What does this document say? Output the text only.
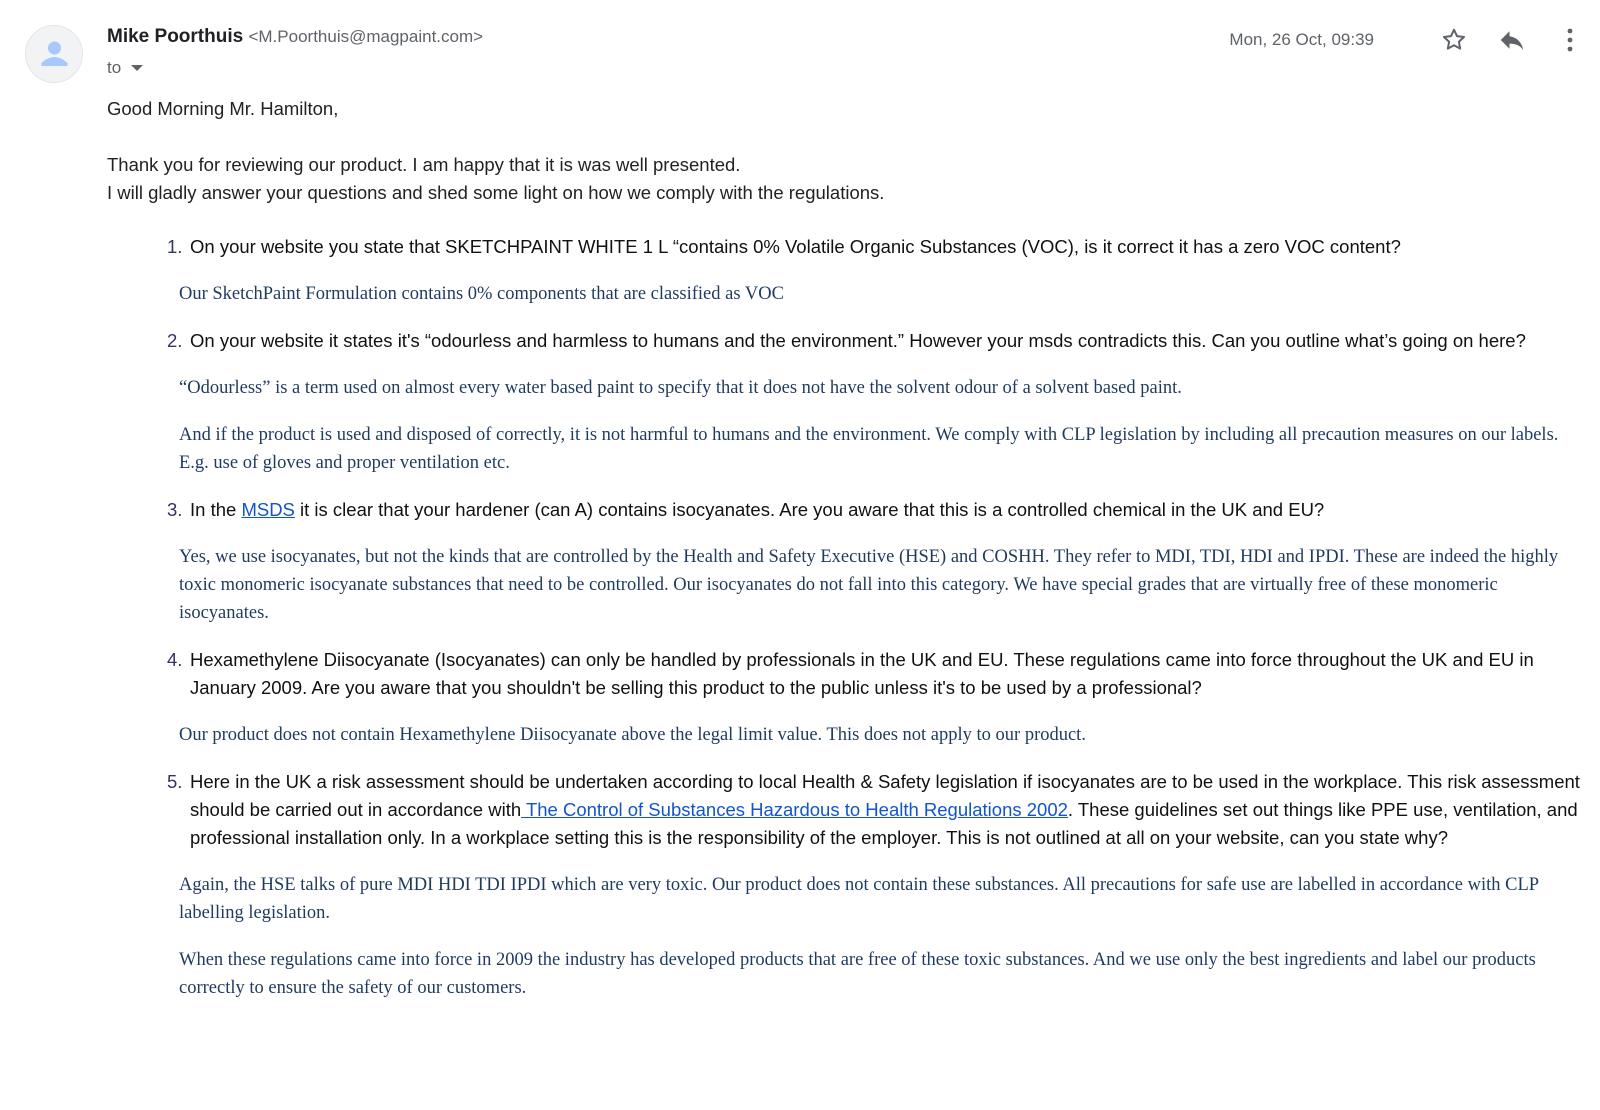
Mike Poorthuis <M.Poorthuis@magpaint.com>
to
Mon, 26 Oct, 09:39

Good Morning Mr. Hamilton,

Thank you for reviewing our product. I am happy that it is was well presented.

I will gladly answer your questions and shed some light on how we comply with the regulations.

1. On your website you state that SKETCHPAINT WHITE 1 L “contains 0% Volatile Organic Substances (VOC), is it correct it has a zero VOC content?

Our SketchPaint Formulation contains 0% components that are classified as VOC

2. On your website it states it's “odourless and harmless to humans and the environment.” However your msds contradicts this. Can you outline what’s going on here?

“Odourless” is a term used on almost every water based paint to specify that it does not have the solvent odour of a solvent based paint.

And if the product is used and disposed of correctly, it is not harmful to humans and the environment. We comply with CLP legislation by including all precaution measures on our labels. E.g. use of gloves and proper ventilation etc.

3. In the MSDS it is clear that your hardener (can A) contains isocyanates. Are you aware that this is a controlled chemical in the UK and EU?

Yes, we use isocyanates, but not the kinds that are controlled by the Health and Safety Executive (HSE) and COSHH. They refer to MDI, TDI, HDI and IPDI. These are indeed the highly toxic monomeric isocyanate substances that need to be controlled. Our isocyanates do not fall into this category. We have special grades that are virtually free of these monomeric isocyanates.

4. Hexamethylene Diisocyanate (Isocyanates) can only be handled by professionals in the UK and EU. These regulations came into force throughout the UK and EU in January 2009. Are you aware that you shouldn't be selling this product to the public unless it's to be used by a professional?

Our product does not contain Hexamethylene Diisocyanate above the legal limit value. This does not apply to our product.

5. Here in the UK a risk assessment should be undertaken according to local Health & Safety legislation if isocyanates are to be used in the workplace. This risk assessment should be carried out in accordance with The Control of Substances Hazardous to Health Regulations 2002. These guidelines set out things like PPE use, ventilation, and professional installation only. In a workplace setting this is the responsibility of the employer. This is not outlined at all on your website, can you state why?

Again, the HSE talks of pure MDI HDI TDI IPDI which are very toxic. Our product does not contain these substances. All precautions for safe use are labelled in accordance with CLP labelling legislation.

When these regulations came into force in 2009 the industry has developed products that are free of these toxic substances. And we use only the best ingredients and label our products correctly to ensure the safety of our customers.
